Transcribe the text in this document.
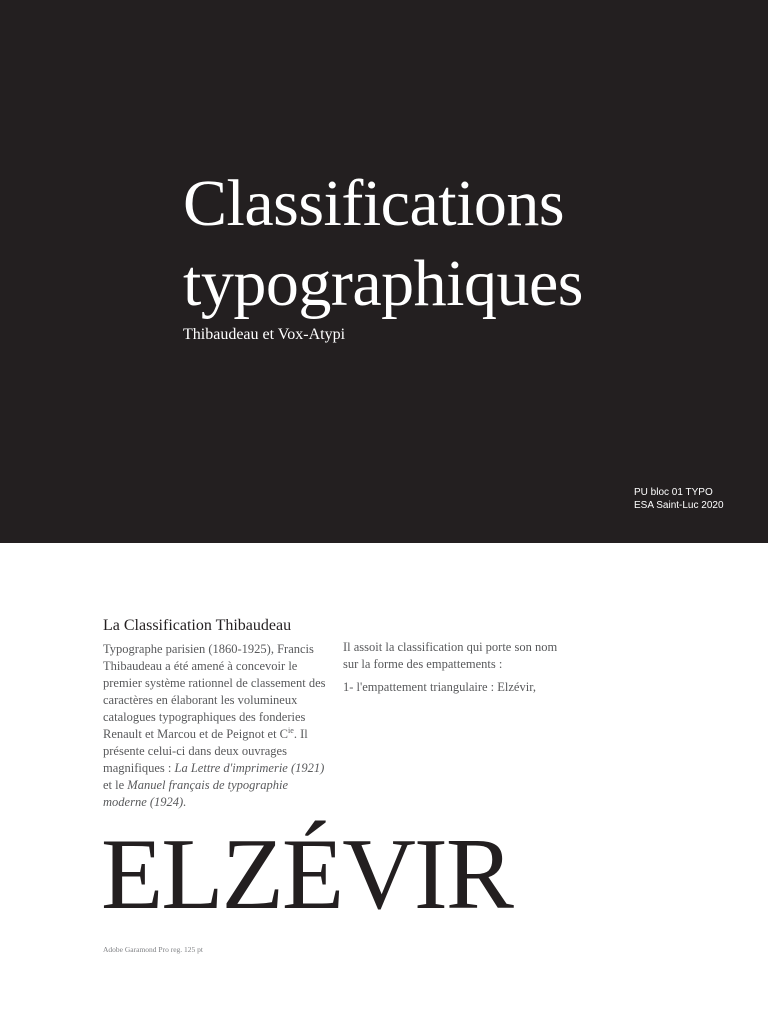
Classifications
typographiques

Thibaudeau et Vox-Atypi

PU bloc 01 TYPO
ESA Saint-Luc 2020
La Classification Thibaudeau

Typographe parisien (1860-1925), Francis Thibaudeau a été amené à concevoir le premier système rationnel de classement des caractères en élaborant les volumineux catalogues typographiques des fonderies Renault et Marcou et de Peignot et $C^{ie}$. Il présente celui-ci dans deux ouvrages magnifiques : La Lettre d'imprimerie (1921) et le Manuel français de typographie moderne (1924).

Il assoit la classification qui porte son nom sur la forme des empattements :

1- l'empattement triangulaire : Elzévir,

ELZÉVIR
Adobe Garamond Pro reg. 125 pt
